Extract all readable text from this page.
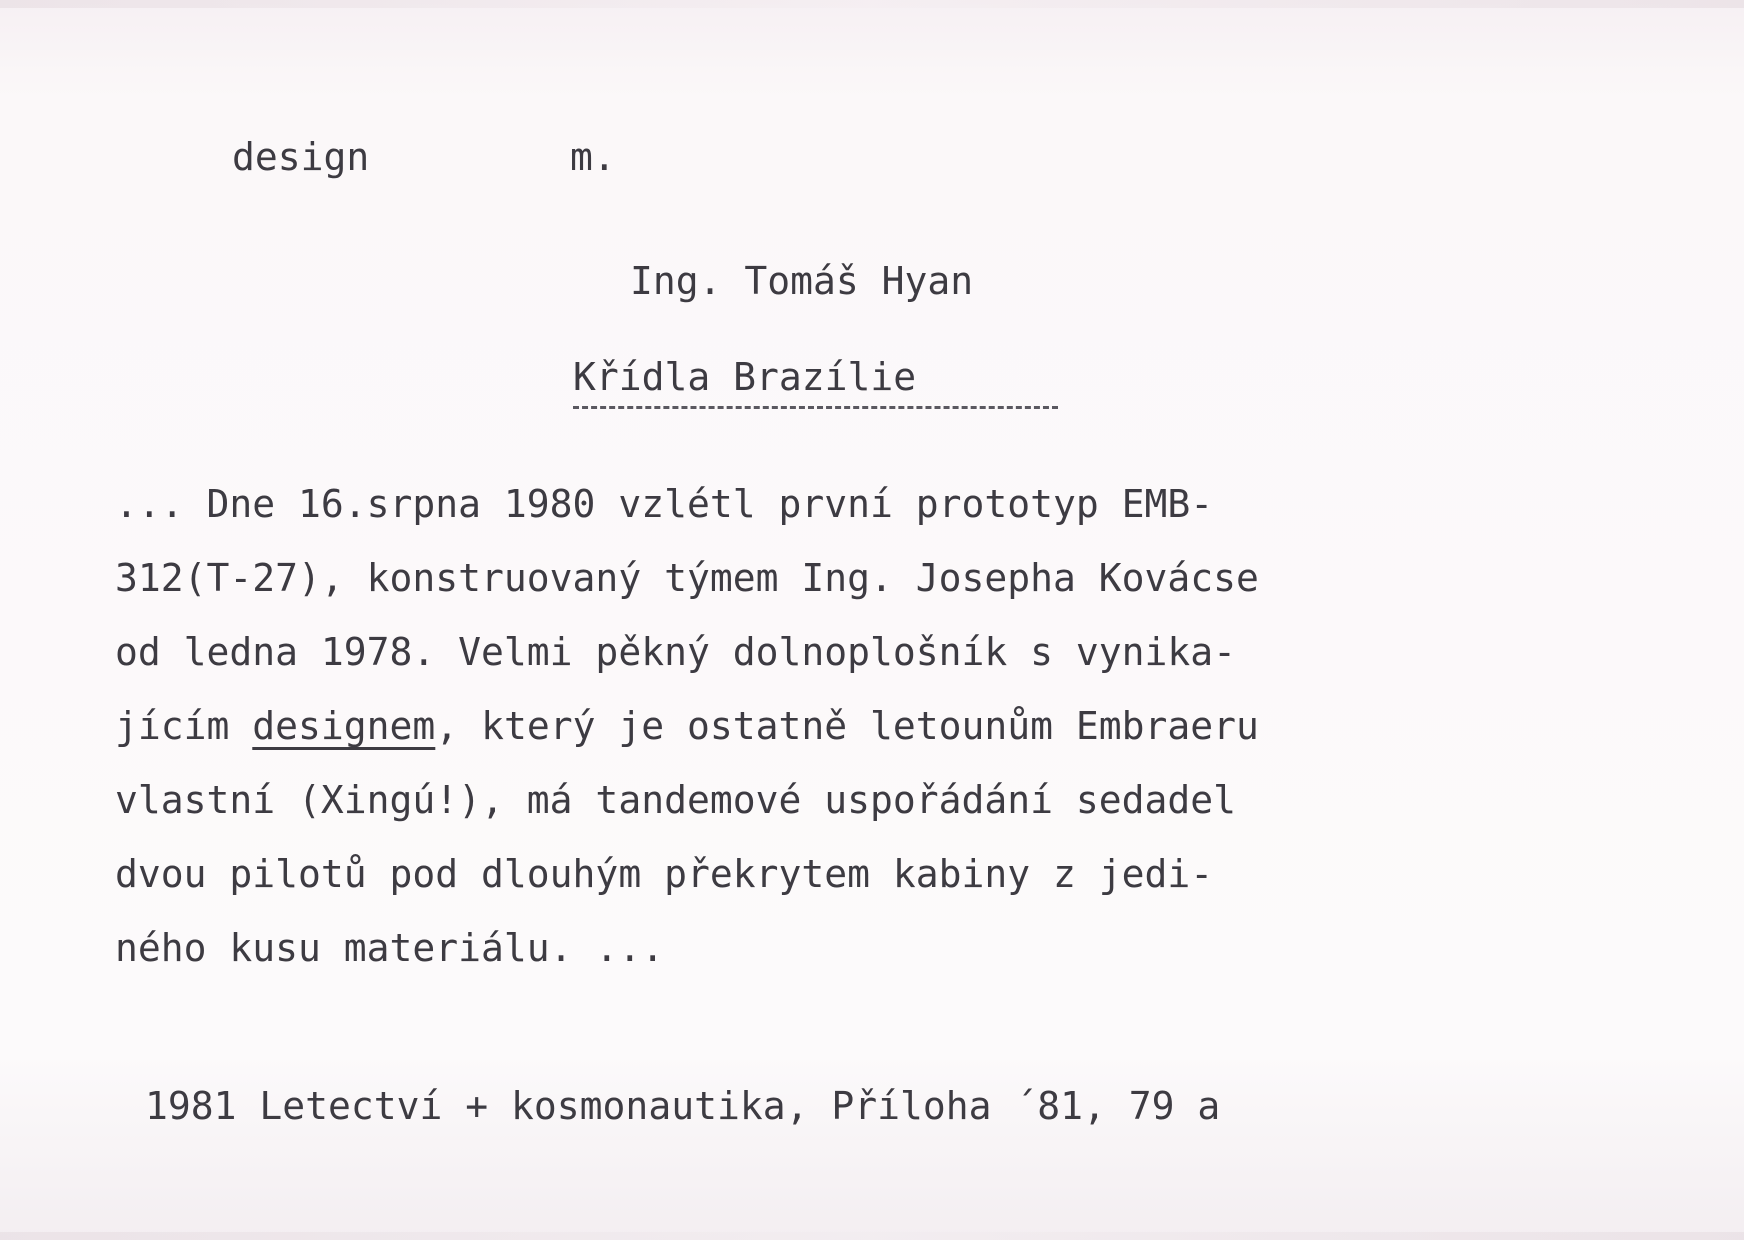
design	m.
Ing. Tomáš Hyan
Křídla Brazílie
... Dne 16.srpna 1980 vzlétl první prototyp EMB-
312(T-27), konstruovaný týmem Ing. Josepha Kovácse
od ledna 1978. Velmi pěkný dolnoplošník s vynika-
jícím designem, který je ostatně letounům Embraeru
vlastní (Xingú!), má tandemové uspořádání sedadel
dvou pilotů pod dlouhým překrytem kabiny z jedi-
ného kusu materiálu. ...
1981 Letectví + kosmonautika, Příloha ´81, 79 a
